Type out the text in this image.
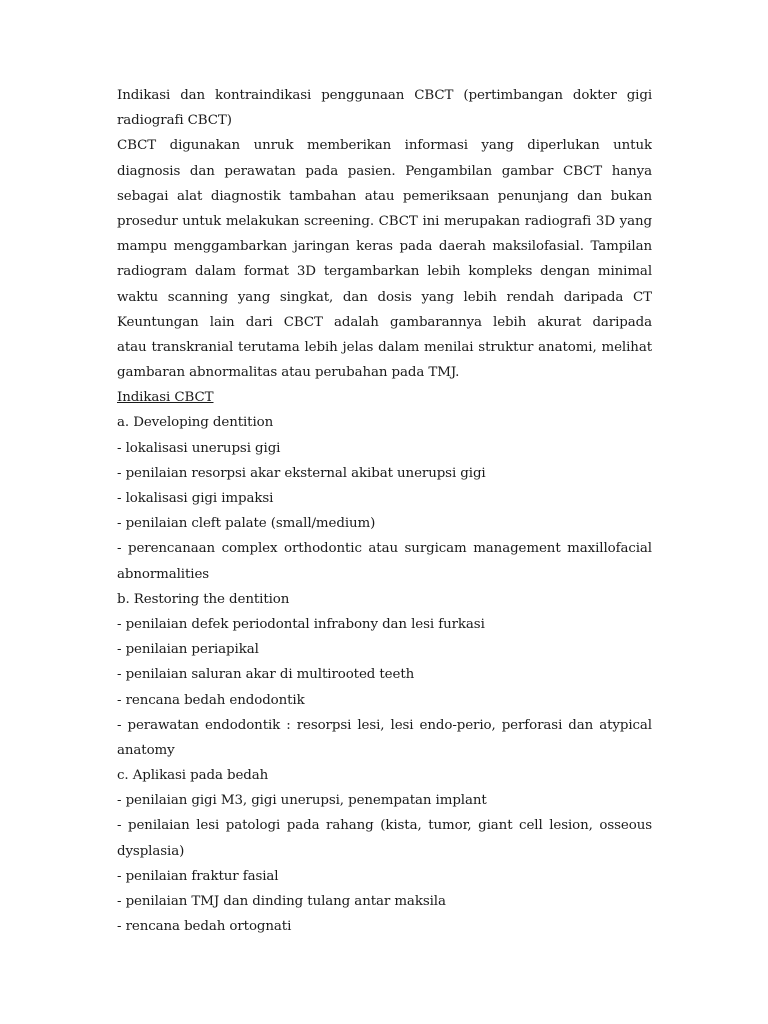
Indikasi dan kontraindikasi penggunaan CBCT (pertimbangan dokter gigi
radiografi CBCT)
CBCT digunakan unruk memberikan informasi yang diperlukan untuk
diagnosis dan perawatan pada pasien. Pengambilan gambar CBCT hanya
sebagai alat diagnostik tambahan atau pemeriksaan penunjang dan bukan
prosedur untuk melakukan screening. CBCT ini merupakan radiografi 3D yang
mampu menggambarkan jaringan keras pada daerah maksilofasial. Tampilan
radiogram dalam format 3D tergambarkan lebih kompleks dengan minimal
waktu scanning yang singkat, dan dosis yang lebih rendah daripada CT
Keuntungan lain dari CBCT adalah gambarannya lebih akurat daripada
atau transkranial terutama lebih jelas dalam menilai struktur anatomi, melihat
gambaran abnormalitas atau perubahan pada TMJ.
Indikasi CBCT
a. Developing dentition
- lokalisasi unerupsi gigi
- penilaian resorpsi akar eksternal akibat unerupsi gigi
- lokalisasi gigi impaksi
- penilaian cleft palate (small/medium)
- perencanaan complex orthodontic atau surgicam management maxillofacial
abnormalities
b. Restoring the dentition
- penilaian defek periodontal infrabony dan lesi furkasi
- penilaian periapikal
- penilaian saluran akar di multirooted teeth
- rencana bedah endodontik
- perawatan endodontik : resorpsi lesi, lesi endo-perio, perforasi dan atypical
anatomy
c. Aplikasi pada bedah
- penilaian gigi M3, gigi unerupsi, penempatan implant
- penilaian lesi patologi pada rahang (kista, tumor, giant cell lesion, osseous
dysplasia)
- penilaian fraktur fasial
- penilaian TMJ dan dinding tulang antar maksila
- rencana bedah ortognati
